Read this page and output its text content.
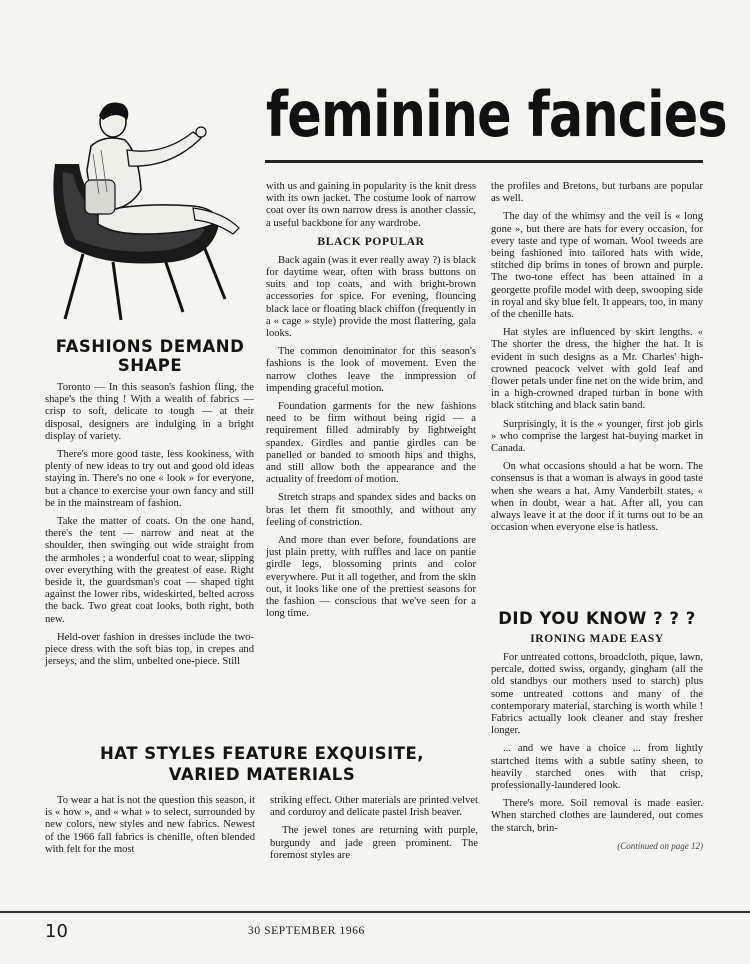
feminine fancies
FASHIONS DEMAND
SHAPE

Toronto — In this season's fashion fling, the shape's the thing ! With a wealth of fabrics — crisp to soft, delicate to tough — at their disposal, designers are indulging in a bright display of variety.

There's more good taste, less kookiness, with plenty of new ideas to try out and good old ideas staying in. There's no one « look » for everyone, but a chance to exercise your own fancy and still be in the mainstream of fashion.

Take the matter of coats. On the one hand, there's the tent — narrow and neat at the shoulder, then swinging out wide straight from the armholes ; a wonderful coat to wear, slipping over everything with the greatest of ease. Right beside it, the guardsman's coat — shaped tight against the lower ribs, wideskirted, belted across the back. Two great coat looks, both right, both new.

Held-over fashion in dresses include the two-piece dress with the soft bias top, in crepes and jerseys, and the slim, unbelted one-piece. Still

with us and gaining in popularity is the knit dress with its own jacket. The costume look of narrow coat over its own narrow dress is another classic, a useful backbone for any wardrobe.

BLACK POPULAR

Back again (was it ever really away ?) is black for daytime wear, often with brass buttons on suits and top coats, and with bright-brown accessories for spice. For evening, flouncing black lace or floating black chiffon (frequently in a « cage » style) provide the most flattering, gala looks.

The common denominator for this season's fashions is the look of movement. Even the narrow clothes leave the inmpression of impending graceful motion.

Foundation garments for the new fashions need to be firm without being rigid — a requirement filled admirably by lightweight spandex. Girdles and pantie girdles can be panelled or banded to smooth hips and thighs, and still allow both the appearance and the actuality of freedom of motion.

Stretch straps and spandex sides and backs on bras let them fit smoothly, and without any feeling of constriction.

And more than ever before, foundations are just plain pretty, with ruffles and lace on pantie girdle legs, blossoming prints and color everywhere. Put it all together, and from the skin out, it looks like one of the prettiest seasons for the fashion — conscious that we've seen for a long time.

the profiles and Bretons, but turbans are popular as well.

The day of the whimsy and the veil is « long gone », but there are hats for every occasion, for every taste and type of woman. Wool tweeds are being fashioned into tailored hats with wide, stitched dip brims in tones of brown and purple. The two-tone effect has been attained in a georgette profile model with deep, swooping side in royal and sky blue felt. It appears, too, in many of the chenille hats.

Hat styles are influenced by skirt lengths. « The shorter the dress, the higher the hat. It is evident in such designs as a Mr. Charles' high-crowned peacock velvet with gold leaf and flower petals under fine net on the wide brim, and in a high-crowned draped turban in bone with black stitching and black satin band.

Surprisingly, it is the « younger, first job girls » who comprise the largest hat-buying market in Canada.

On what occasions should a hat be worn. The consensus is that a woman is always in good taste when she wears a hat. Amy Vanderbilt states, « when in doubt, wear a hat. After all, you can always leave it at the door if it turns out to be an occasion when everyone else is hatless.

DID YOU KNOW ? ? ?
IRONING MADE EASY

For untreated cottons, broadcloth, pique, lawn, percale, dotted swiss, organdy, gingham (all the old standbys our mothers used to starch) plus some untreated cottons and many of the contemporary material, starching is worth while ! Fabrics actually look cleaner and stay fresher longer.

... and we have a choice ... from lightly startched items with a subtle satiny sheen, to heavily starched ones with that crisp, professionally-laundered look.

There's more. Soil removal is made easier. When starched clothes are laundered, out comes the starch, brin-

(Continued on page 12)
HAT STYLES FEATURE EXQUISITE,
VARIED MATERIALS

To wear a hat is not the question this season, it is « how », and « what » to select, surrounded by new colors, new styles and new fabrics. Newest of the 1966 fall fabrics is chenille, often blended with felt for the most

striking effect. Other materials are printed velvet and corduroy and delicate pastel Irish beaver.

The jewel tones are returning with purple, burgundy and jade green prominent. The foremost styles are

10	30 SEPTEMBER 1966
